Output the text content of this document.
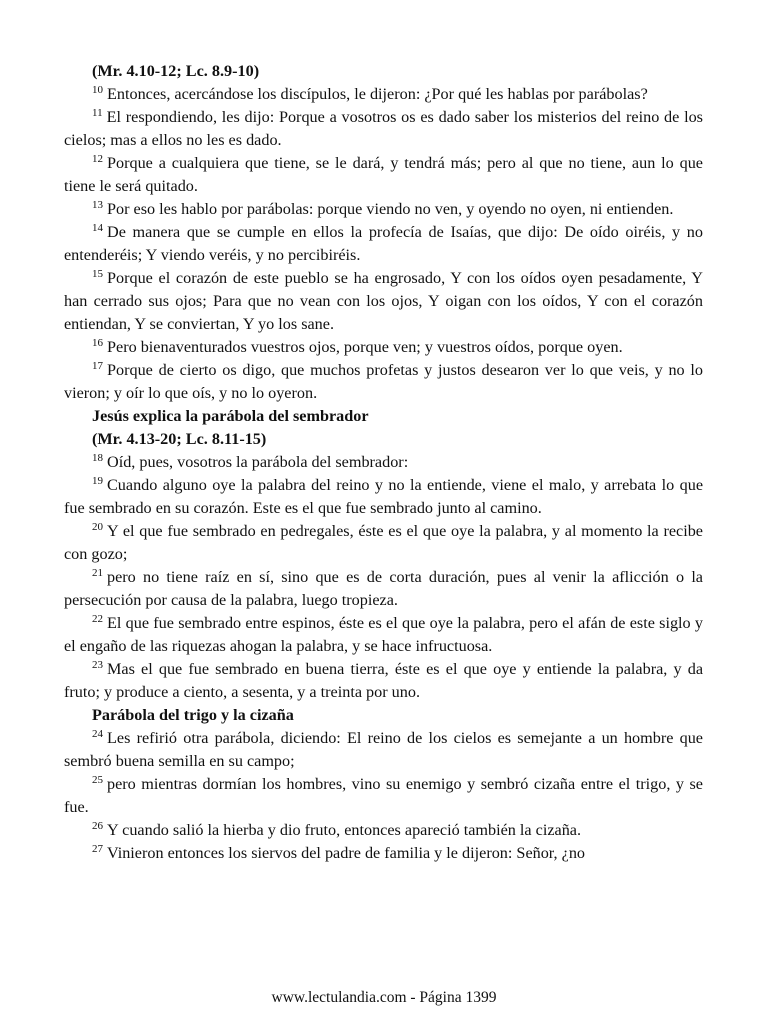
(Mr. 4.10-12; Lc. 8.9-10)

$^{10}$ Entonces, acercándose los discípulos, le dijeron: ¿Por qué les hablas por parábolas?

$^{11}$ El respondiendo, les dijo: Porque a vosotros os es dado saber los misterios del reino de los cielos; mas a ellos no les es dado.

$^{12}$ Porque a cualquiera que tiene, se le dará, y tendrá más; pero al que no tiene, aun lo que tiene le será quitado.

$^{13}$ Por eso les hablo por parábolas: porque viendo no ven, y oyendo no oyen, ni entienden.

$^{14}$ De manera que se cumple en ellos la profecía de Isaías, que dijo: De oído oiréis, y no entenderéis; Y viendo veréis, y no percibiréis.

$^{15}$ Porque el corazón de este pueblo se ha engrosado, Y con los oídos oyen pesadamente, Y han cerrado sus ojos; Para que no vean con los ojos, Y oigan con los oídos, Y con el corazón entiendan, Y se conviertan, Y yo los sane.

$^{16}$ Pero bienaventurados vuestros ojos, porque ven; y vuestros oídos, porque oyen.

$^{17}$ Porque de cierto os digo, que muchos profetas y justos desearon ver lo que veis, y no lo vieron; y oír lo que oís, y no lo oyeron.

Jesús explica la parábola del sembrador

(Mr. 4.13-20; Lc. 8.11-15)

$^{18}$ Oíd, pues, vosotros la parábola del sembrador:

$^{19}$ Cuando alguno oye la palabra del reino y no la entiende, viene el malo, y arrebata lo que fue sembrado en su corazón. Este es el que fue sembrado junto al camino.

$^{20}$ Y el que fue sembrado en pedregales, éste es el que oye la palabra, y al momento la recibe con gozo;

$^{21}$ pero no tiene raíz en sí, sino que es de corta duración, pues al venir la aflicción o la persecución por causa de la palabra, luego tropieza.

$^{22}$ El que fue sembrado entre espinos, éste es el que oye la palabra, pero el afán de este siglo y el engaño de las riquezas ahogan la palabra, y se hace infructuosa.

$^{23}$ Mas el que fue sembrado en buena tierra, éste es el que oye y entiende la palabra, y da fruto; y produce a ciento, a sesenta, y a treinta por uno.

Parábola del trigo y la cizaña

$^{24}$ Les refirió otra parábola, diciendo: El reino de los cielos es semejante a un hombre que sembró buena semilla en su campo;

$^{25}$ pero mientras dormían los hombres, vino su enemigo y sembró cizaña entre el trigo, y se fue.

$^{26}$ Y cuando salió la hierba y dio fruto, entonces apareció también la cizaña.

$^{27}$ Vinieron entonces los siervos del padre de familia y le dijeron: Señor, ¿no

www.lectulandia.com - Página 1399
